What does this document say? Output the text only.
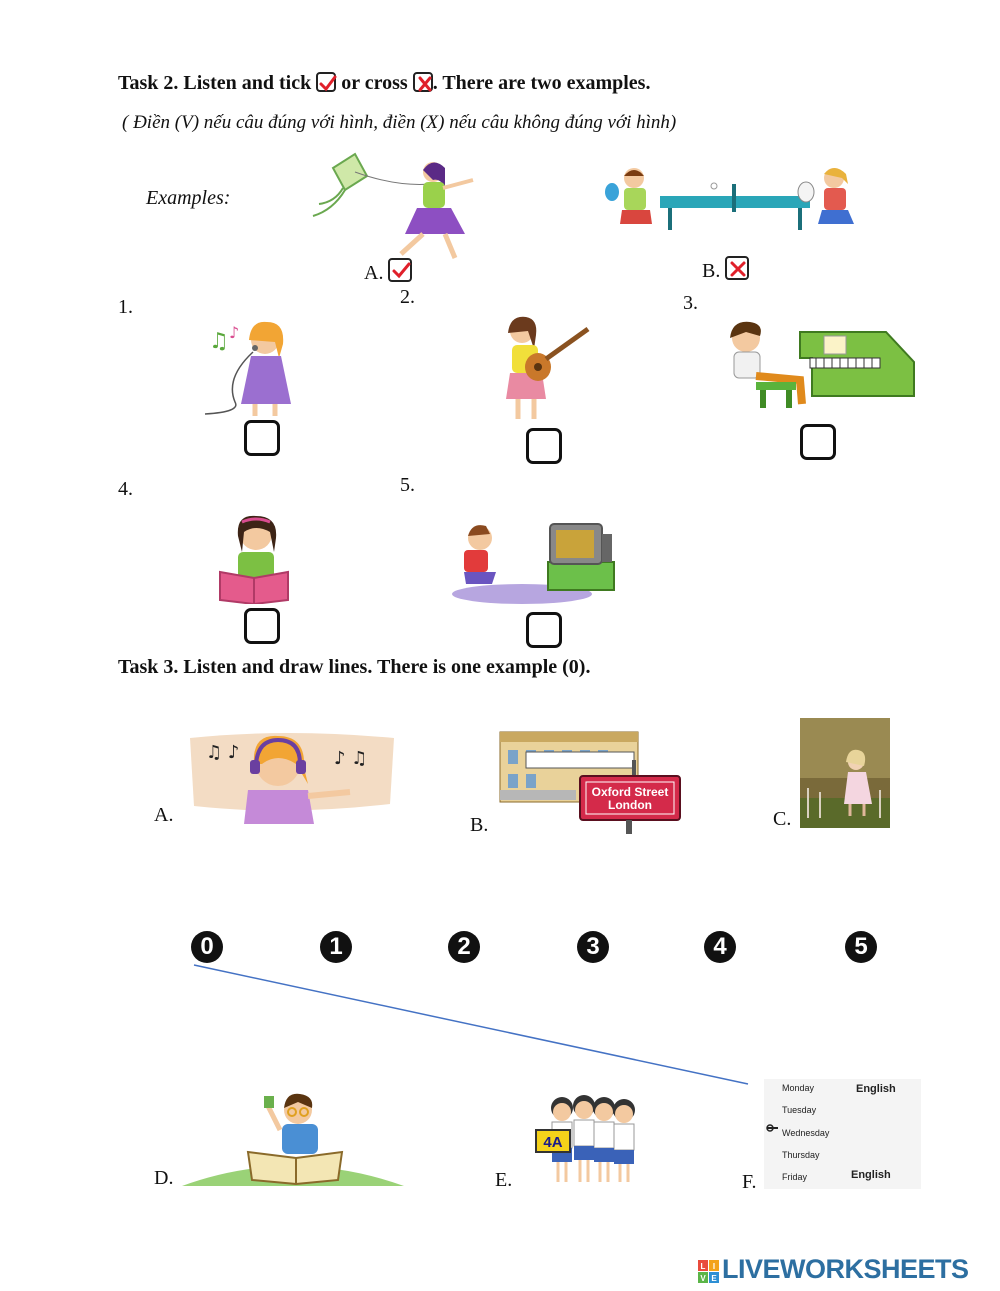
Task 2. Listen and tick or cross . There are two examples.
( Điền (V) nếu câu đúng với hình, điền (X) nếu câu không đúng với hình)
Examples:
A.	B.
1.	2.	3.
4.	5.
♫ ♪
Task 3. Listen and draw lines. There is one example (0).
♫ ♪	♪ ♫
A.
Oxford Street
London
B.	C.
0	1	2	3	4	5
D.
4A
E.
Monday	English
Tuesday
Wednesday
Thursday
Friday	English
F.
L I
V E LIVEWORKSHEETS
